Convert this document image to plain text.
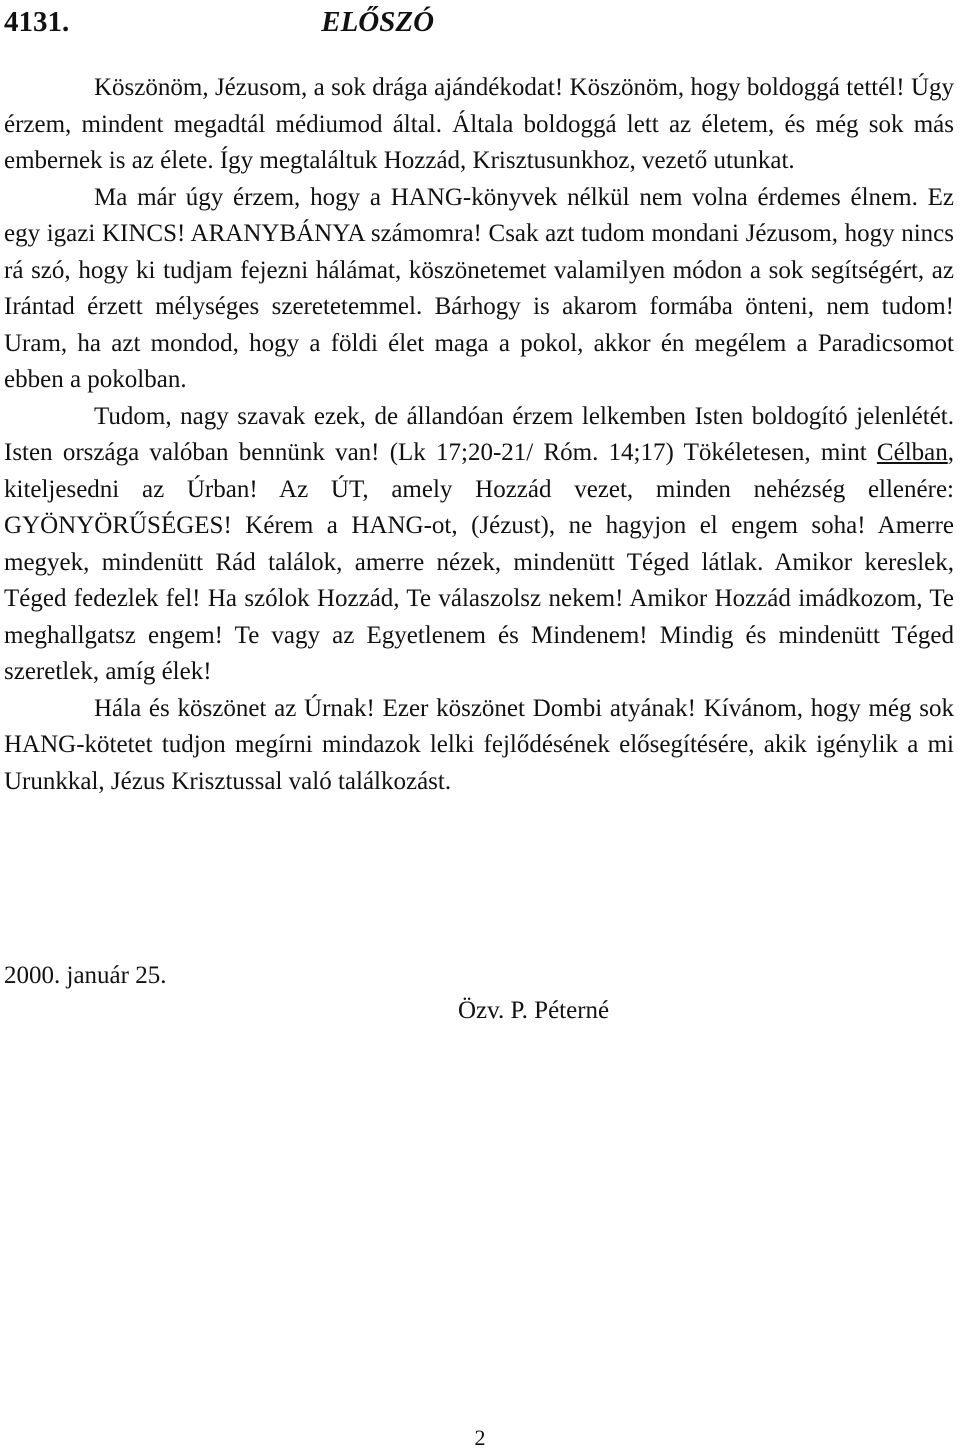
4131.	ELŐSZÓ

Köszönöm, Jézusom, a sok drága ajándékodat! Köszönöm, hogy boldoggá tettél! Úgy érzem, mindent megadtál médiumod által. Általa boldoggá lett az életem, és még sok más embernek is az élete. Így megtaláltuk Hozzád, Krisztusunkhoz, vezető utunkat.

Ma már úgy érzem, hogy a HANG-könyvek nélkül nem volna érdemes élnem. Ez egy igazi KINCS! ARANYBÁNYA számomra! Csak azt tudom mondani Jézusom, hogy nincs rá szó, hogy ki tudjam fejezni hálámat, köszönetemet valamilyen módon a sok segítségért, az Irántad érzett mélységes szeretetemmel. Bárhogy is akarom formába önteni, nem tudom! Uram, ha azt mondod, hogy a földi élet maga a pokol, akkor én megélem a Paradicsomot ebben a pokolban.

Tudom, nagy szavak ezek, de állandóan érzem lelkemben Isten boldogító jelenlétét. Isten országa valóban bennünk van! (Lk 17;20-21/ Róm. 14;17) Tökéletesen, mint Célban, kiteljesedni az Úrban! Az ÚT, amely Hozzád vezet, minden nehézség ellenére: GYÖNYÖRŰSÉGES! Kérem a HANG-ot, (Jézust), ne hagyjon el engem soha! Amerre megyek, mindenütt Rád találok, amerre nézek, mindenütt Téged látlak. Amikor kereslek, Téged fedezlek fel! Ha szólok Hozzád, Te válaszolsz nekem! Amikor Hozzád imádkozom, Te meghallgatsz engem! Te vagy az Egyetlenem és Mindenem! Mindig és mindenütt Téged szeretlek, amíg élek!

Hála és köszönet az Úrnak! Ezer köszönet Dombi atyának! Kívánom, hogy még sok HANG-kötetet tudjon megírni mindazok lelki fejlődésének elősegítésére, akik igénylik a mi Urunkkal, Jézus Krisztussal való találkozást.

2000. január 25.
Özv. P. Péterné
2
